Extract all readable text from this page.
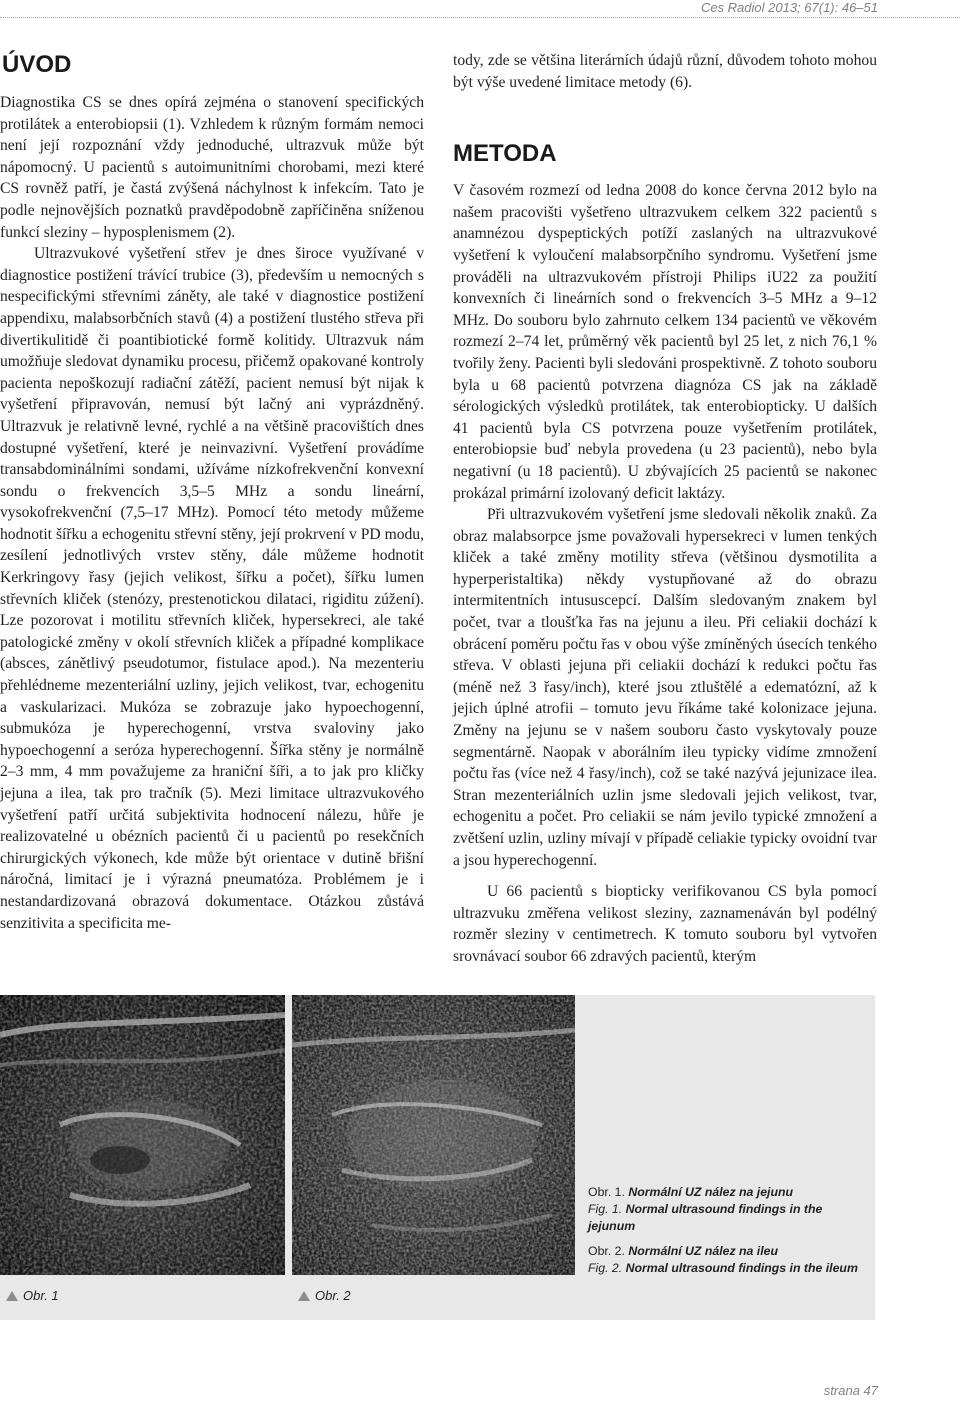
Ces Radiol 2013; 67(1): 46–51
ÚVOD

Diagnostika CS se dnes opírá zejména o stanovení specifických protilátek a enterobiopsii (1). Vzhledem k různým formám nemoci není její rozpoznání vždy jednoduché, ultrazvuk může být nápomocný. U pacientů s autoimunitními chorobami, mezi které CS rovněž patří, je častá zvýšená náchylnost k infekcím. Tato je podle nejnovějších poznatků pravděpodobně zapříčiněna sníženou funkcí sleziny – hyposplenismem (2).

Ultrazvukové vyšetření střev je dnes široce využívané v diagnostice postižení trávící trubice (3), především u nemocných s nespecifickými střevními záněty, ale také v diagnostice postižení appendixu, malabsorbčních stavů (4) a postižení tlustého střeva při divertikulitidě či poantibiotické formě kolitidy. Ultrazvuk nám umožňuje sledovat dynamiku procesu, přičemž opakované kontroly pacienta nepoškozují radiační zátěží, pacient nemusí být nijak k vyšetření připravován, nemusí být lačný ani vyprázdněný. Ultrazvuk je relativně levné, rychlé a na většině pracovištích dnes dostupné vyšetření, které je neinvazivní. Vyšetření provádíme transabdominálními sondami, užíváme nízkofrekvenční konvexní sondu o frekvencích 3,5–5 MHz a sondu lineární, vysokofrekvenční (7,5–17 MHz). Pomocí této metody můžeme hodnotit šířku a echogenitu střevní stěny, její prokrvení v PD modu, zesílení jednotlivých vrstev stěny, dále můžeme hodnotit Kerkringovy řasy (jejich velikost, šířku a počet), šířku lumen střevních kliček (stenózy, prestenotickou dilataci, rigiditu zúžení). Lze pozorovat i motilitu střevních kliček, hypersekreci, ale také patologické změny v okolí střevních kliček a případné komplikace (absces, zánětlivý pseudotumor, fistulace apod.). Na mezenteriu přehlédneme mezenteriální uzliny, jejich velikost, tvar, echogenitu a vaskularizaci. Mukóza se zobrazuje jako hypoechogenní, submukóza je hyperechogenní, vrstva svaloviny jako hypoechogenní a seróza hyperechogenní. Šířka stěny je normálně 2–3 mm, 4 mm považujeme za hraniční šíři, a to jak pro kličky jejuna a ilea, tak pro tračník (5). Mezi limitace ultrazvukového vyšetření patří určitá subjektivita hodnocení nálezu, hůře je realizovatelné u obézních pacientů či u pacientů po resekčních chirurgických výkonech, kde může být orientace v dutině břišní náročná, limitací je i výrazná pneumatóza. Problémem je i nestandardizovaná obrazová dokumentace. Otázkou zůstává senzitivita a specificita me-

tody, zde se většina literárních údajů různí, důvodem tohoto mohou být výše uvedené limitace metody (6).

METODA

V časovém rozmezí od ledna 2008 do konce června 2012 bylo na našem pracovišti vyšetřeno ultrazvukem celkem 322 pacientů s anamnézou dyspeptických potíží zaslaných na ultrazvukové vyšetření k vyloučení malabsorpčního syndromu. Vyšetření jsme prováděli na ultrazvukovém přístroji Philips iU22 za použití konvexních či lineárních sond o frekvencích 3–5 MHz a 9–12 MHz. Do souboru bylo zahrnuto celkem 134 pacientů ve věkovém rozmezí 2–74 let, průměrný věk pacientů byl 25 let, z nich 76,1 % tvořily ženy. Pacienti byli sledováni prospektivně. Z tohoto souboru byla u 68 pacientů potvrzena diagnóza CS jak na základě sérologických výsledků protilátek, tak enterobiopticky. U dalších 41 pacientů byla CS potvrzena pouze vyšetřením protilátek, enterobiopsie buď nebyla provedena (u 23 pacientů), nebo byla negativní (u 18 pacientů). U zbývajících 25 pacientů se nakonec prokázal primární izolovaný deficit laktázy.

Při ultrazvukovém vyšetření jsme sledovali několik znaků. Za obraz malabsorpce jsme považovali hypersekreci v lumen tenkých kliček a také změny motility střeva (většinou dysmotilita a hyperperistaltika) někdy vystupňované až do obrazu intermitentních intususcepcí. Dalším sledovaným znakem byl počet, tvar a tloušťka řas na jejunu a ileu. Při celiakii dochází k obrácení poměru počtu řas v obou výše zmíněných úsecích tenkého střeva. V oblasti jejuna při celiakii dochází k redukci počtu řas (méně než 3 řasy/inch), které jsou ztluštělé a edematózní, až k jejich úplné atrofii – tomuto jevu říkáme také kolonizace jejuna. Změny na jejunu se v našem souboru často vyskytovaly pouze segmentárně. Naopak v aborálním ileu typicky vidíme zmnožení počtu řas (více než 4 řasy/inch), což se také nazývá jejunizace ilea. Stran mezenteriálních uzlin jsme sledovali jejich velikost, tvar, echogenitu a počet. Pro celiakii se nám jevilo typické zmnožení a zvětšení uzlin, uzliny mívají v případě celiakie typicky ovoidní tvar a jsou hyperechogenní.

U 66 pacientů s biopticky verifikovanou CS byla pomocí ultrazvuku změřena velikost sleziny, zaznamenáván byl podélný rozměr sleziny v centimetrech. K tomuto souboru byl vytvořen srovnávací soubor 66 zdravých pacientů, kterým

Obr. 1	Obr. 2
Obr. 1. Normální UZ nález na jejunu
Fig. 1. Normal ultrasound findings in the jejunum
Obr. 2. Normální UZ nález na ileu
Fig. 2. Normal ultrasound findings in the ileum
strana 47
